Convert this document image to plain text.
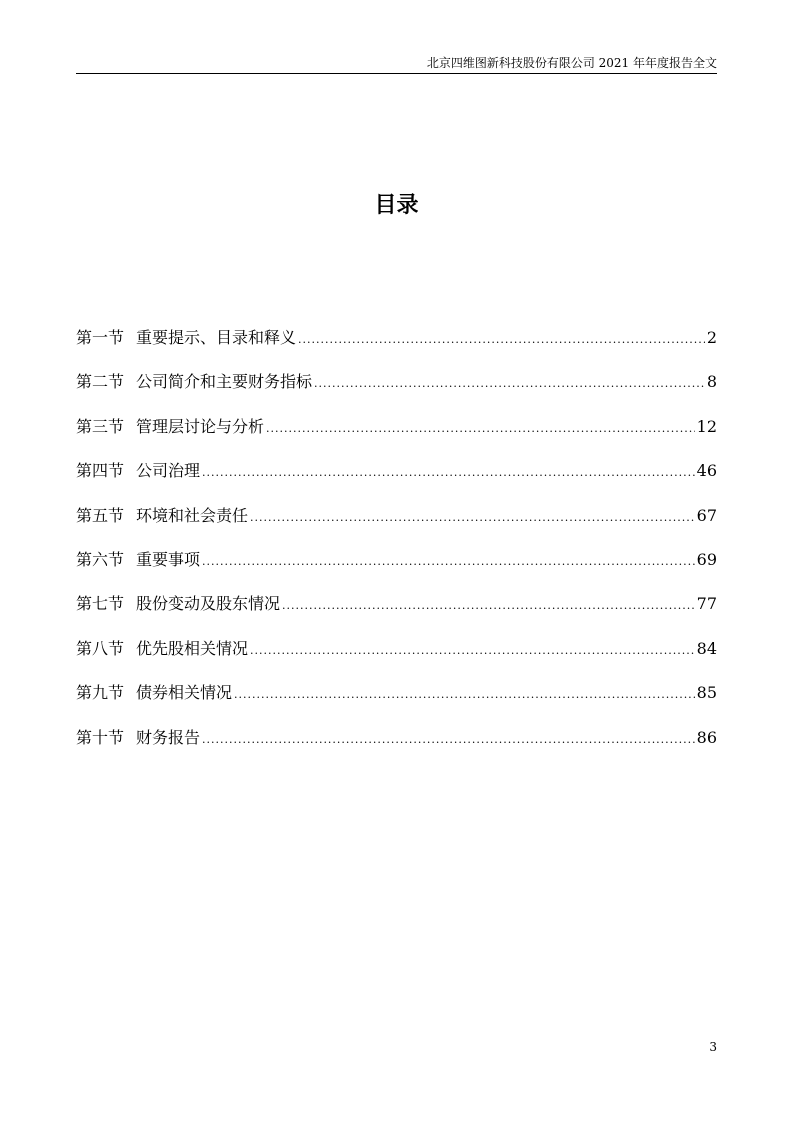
北京四维图新科技股份有限公司 2021 年年度报告全文
目录
第一节 重要提示、目录和释义 .....	2
第二节 公司简介和主要财务指标 .....	8
第三节 管理层讨论与分析 .....	12
第四节 公司治理 .....	46
第五节 环境和社会责任 .....	67
第六节 重要事项 .....	69
第七节 股份变动及股东情况 .....	77
第八节 优先股相关情况 .....	84
第九节 债券相关情况 .....	85
第十节 财务报告 .....	86
3
